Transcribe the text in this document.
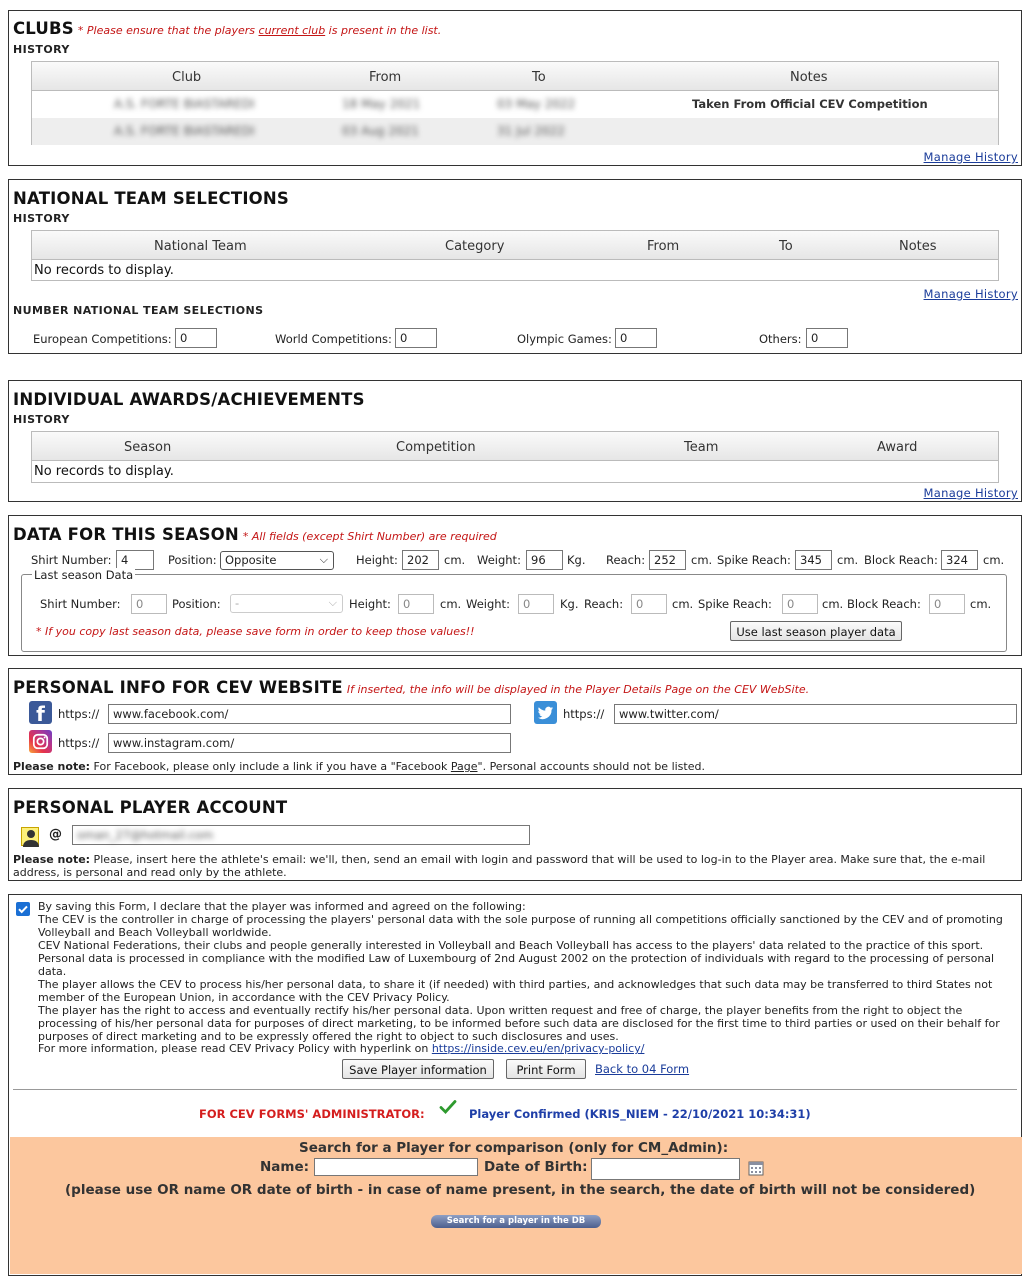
CLUBS * Please ensure that the players current club is present in the list.
HISTORY
Club	From	To	Notes
A.S. FORTE BIASTAREDI	18 May 2021	03 May 2022	Taken From Official CEV Competition
A.S. FORTE BIASTAREDI	03 Aug 2021	31 Jul 2022
Manage History
NATIONAL TEAM SELECTIONS
HISTORY
National Team	Category	From	To	Notes
No records to display.
Manage History
NUMBER NATIONAL TEAM SELECTIONS
European Competitions:
0	World Competitions:
0	Olympic Games:
0	Others:
0
INDIVIDUAL AWARDS/ACHIEVEMENTS
HISTORY
Season	Competition	Team	Award
No records to display.
Manage History
DATA FOR THIS SEASON * All fields (except Shirt Number) are required
Shirt Number:
4	Position: Opposite	⌵ Height:
202	cm. Weight:
96	Kg. Reach:
252	cm. Spike Reach:
345	cm. Block Reach:
324	cm.
Last season Data
Shirt Number:
0	Position:	-	⌵ Height:
0	cm. Weight:
0	Kg. Reach:
0	cm. Spike Reach:
0	cm. Block Reach:
0	cm.
* If you copy last season data, please save form in order to keep those values!!	Use last season player data
PERSONAL INFO FOR CEV WEBSITE If inserted, the info will be displayed in the Player Details Page on the CEV WebSite.
f	https://
www.facebook.com/	https://
www.twitter.com/
https://
www.instagram.com/
Please note: For Facebook, please only include a link if you have a "Facebook Page". Personal accounts should not be listed.
PERSONAL PLAYER ACCOUNT
@	oman_27@hotmail.com
Please note: Please, insert here the athlete's email: we'll, then, send an email with login and password that will be used to log-in to the Player area. Make sure that, the e-mail address, is personal and read only by the athlete.
By saving this Form, I declare that the player was informed and agreed on the following:
The CEV is the controller in charge of processing the players' personal data with the sole purpose of running all competitions officially sanctioned by the CEV and of promoting Volleyball and Beach Volleyball worldwide.
CEV National Federations, their clubs and people generally interested in Volleyball and Beach Volleyball has access to the players' data related to the practice of this sport.
Personal data is processed in compliance with the modified Law of Luxembourg of 2nd August 2002 on the protection of individuals with regard to the processing of personal data.
The player allows the CEV to process his/her personal data, to share it (if needed) with third parties, and acknowledges that such data may be transferred to third States not member of the European Union, in accordance with the CEV Privacy Policy.
The player has the right to access and eventually rectify his/her personal data. Upon written request and free of charge, the player benefits from the right to object the processing of his/her personal data for purposes of direct marketing, to be informed before such data are disclosed for the first time to third parties or used on their behalf for purposes of direct marketing and to be expressly offered the right to object to such disclosures and uses.
For more information, please read CEV Privacy Policy with hyperlink on https://inside.cev.eu/en/privacy-policy/
Save Player information	Print Form	Back to 04 Form
FOR CEV FORMS' ADMINISTRATOR:	Player Confirmed (KRIS_NIEM - 22/10/2021 10:34:31)
Search for a Player for comparison (only for CM_Admin):
Name:	Date of Birth:
(please use OR name OR date of birth - in case of name present, in the search, the date of birth will not be considered)
Search for a player in the DB
